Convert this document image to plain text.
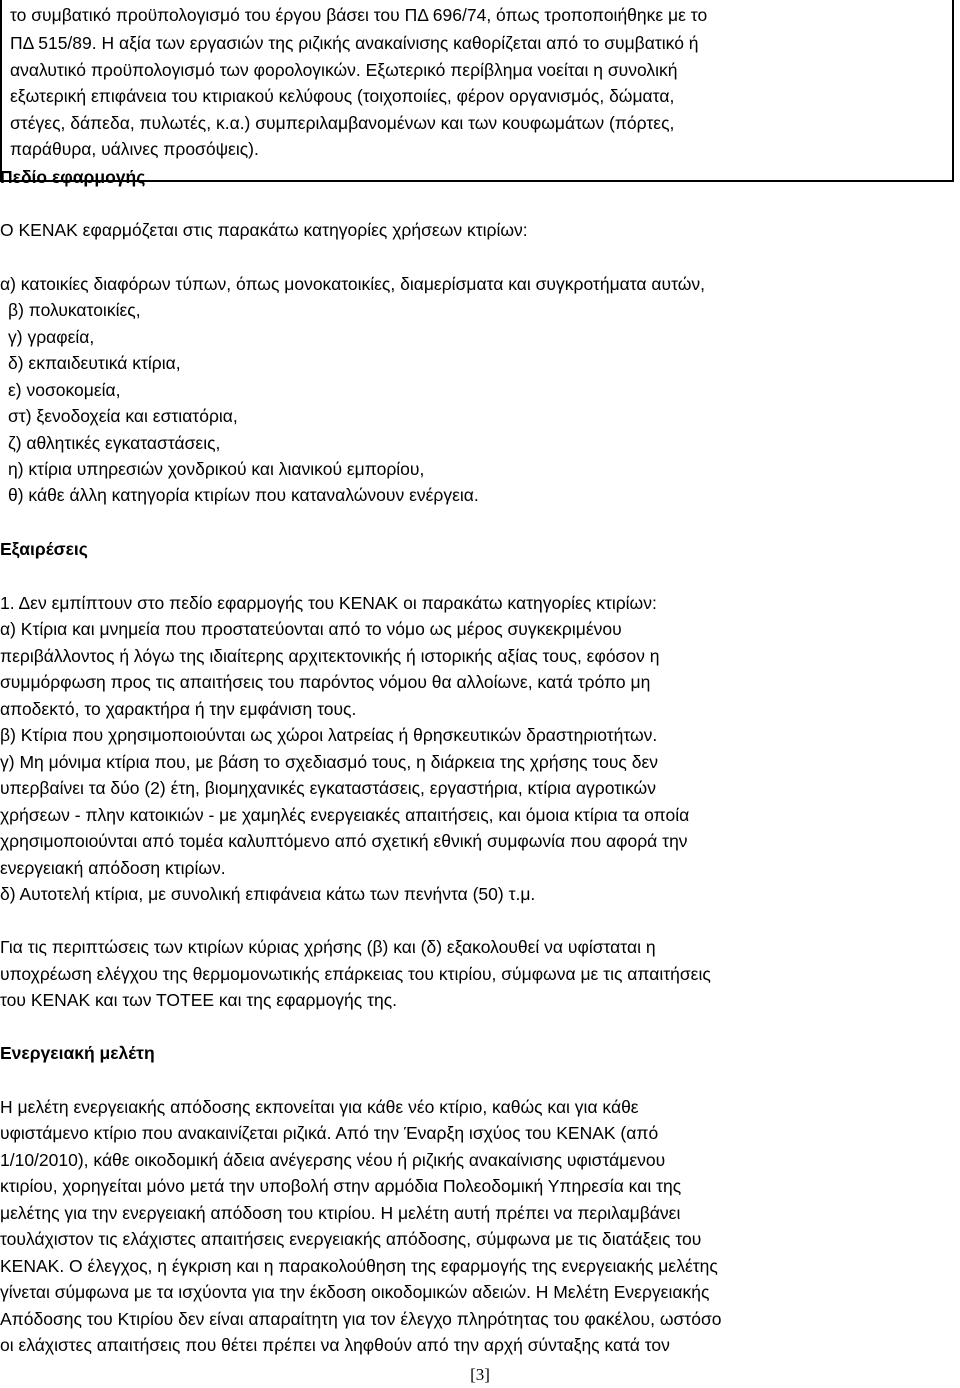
το συμβατικό προϋπολογισμό του έργου βάσει του ΠΔ 696/74, όπως τροποποιήθηκε με το
ΠΔ 515/89. Η αξία των εργασιών της ριζικής ανακαίνισης καθορίζεται από το συμβατικό ή
αναλυτικό προϋπολογισμό των φορολογικών. Εξωτερικό περίβλημα νοείται η συνολική
εξωτερική επιφάνεια του κτιριακού κελύφους (τοιχοποιίες, φέρον οργανισμός, δώματα,
στέγες, δάπεδα, πυλωτές, κ.α.) συμπεριλαμβανομένων και των κουφωμάτων (πόρτες,
παράθυρα, υάλινες προσόψεις).
Πεδίο εφαρμογής
Ο ΚΕΝΑΚ εφαρμόζεται στις παρακάτω κατηγορίες χρήσεων κτιρίων:
α) κατοικίες διαφόρων τύπων, όπως μονοκατοικίες, διαμερίσματα και συγκροτήματα αυτών,
β) πολυκατοικίες,
γ) γραφεία,
δ) εκπαιδευτικά κτίρια,
ε) νοσοκομεία,
στ) ξενοδοχεία και εστιατόρια,
ζ) αθλητικές εγκαταστάσεις,
η) κτίρια υπηρεσιών χονδρικού και λιανικού εμπορίου,
θ) κάθε άλλη κατηγορία κτιρίων που καταναλώνουν ενέργεια.
Εξαιρέσεις
1. Δεν εμπίπτουν στο πεδίο εφαρμογής του ΚΕΝΑΚ οι παρακάτω κατηγορίες κτιρίων:
α) Κτίρια και μνημεία που προστατεύονται από το νόμο ως μέρος συγκεκριμένου
περιβάλλοντος ή λόγω της ιδιαίτερης αρχιτεκτονικής ή ιστορικής αξίας τους, εφόσον η
συμμόρφωση προς τις απαιτήσεις του παρόντος νόμου θα αλλοίωνε, κατά τρόπο μη
αποδεκτό, το χαρακτήρα ή την εμφάνιση τους.
β) Κτίρια που χρησιμοποιούνται ως χώροι λατρείας ή θρησκευτικών δραστηριοτήτων.
γ) Μη μόνιμα κτίρια που, με βάση το σχεδιασμό τους, η διάρκεια της χρήσης τους δεν
υπερβαίνει τα δύο (2) έτη, βιομηχανικές εγκαταστάσεις, εργαστήρια, κτίρια αγροτικών
χρήσεων - πλην κατοικιών - με χαμηλές ενεργειακές απαιτήσεις, και όμοια κτίρια τα οποία
χρησιμοποιούνται από τομέα καλυπτόμενο από σχετική εθνική συμφωνία που αφορά την
ενεργειακή απόδοση κτιρίων.
δ) Αυτοτελή κτίρια, με συνολική επιφάνεια κάτω των πενήντα (50) τ.μ.
Για τις περιπτώσεις των κτιρίων κύριας χρήσης (β) και (δ) εξακολουθεί να υφίσταται η
υποχρέωση ελέγχου της θερμομονωτικής επάρκειας του κτιρίου, σύμφωνα με τις απαιτήσεις
του ΚΕΝΑΚ και των ΤΟΤΕΕ και της εφαρμογής της.
Ενεργειακή μελέτη
Η μελέτη ενεργειακής απόδοσης εκπονείται για κάθε νέο κτίριο, καθώς και για κάθε
υφιστάμενο κτίριο που ανακαινίζεται ριζικά. Από την Έναρξη ισχύος του ΚΕΝΑΚ (από
1/10/2010), κάθε οικοδομική άδεια ανέγερσης νέου ή ριζικής ανακαίνισης υφιστάμενου
κτιρίου, χορηγείται μόνο μετά την υποβολή στην αρμόδια Πολεοδομική Υπηρεσία και της
μελέτης για την ενεργειακή απόδοση του κτιρίου. Η μελέτη αυτή πρέπει να περιλαμβάνει
τουλάχιστον τις ελάχιστες απαιτήσεις ενεργειακής απόδοσης, σύμφωνα με τις διατάξεις του
ΚΕΝΑΚ. Ο έλεγχος, η έγκριση και η παρακολούθηση της εφαρμογής της ενεργειακής μελέτης
γίνεται σύμφωνα με τα ισχύοντα για την έκδοση οικοδομικών αδειών. Η Μελέτη Ενεργειακής
Απόδοσης του Κτιρίου δεν είναι απαραίτητη για τον έλεγχο πληρότητας του φακέλου, ωστόσο
οι ελάχιστες απαιτήσεις που θέτει πρέπει να ληφθούν από την αρχή σύνταξης κατά τον
[3]
